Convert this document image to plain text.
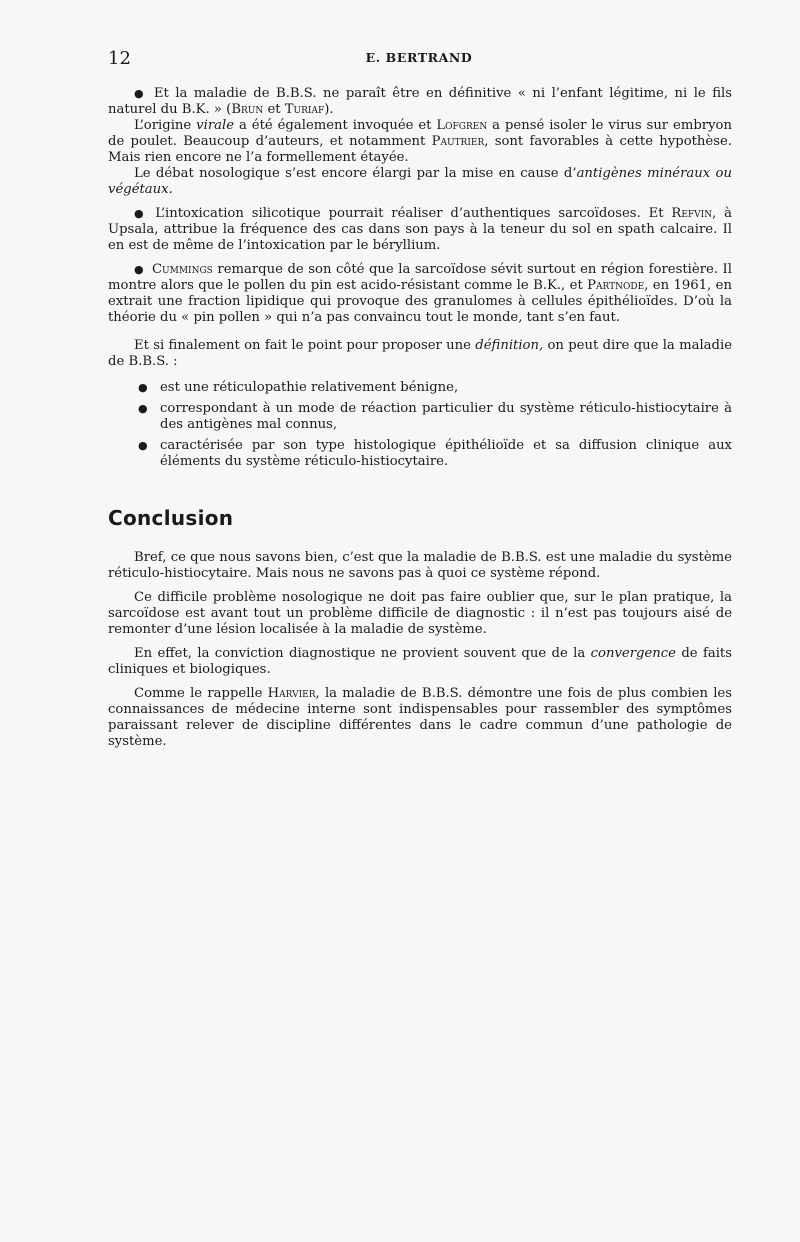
12	E. BERTRAND

● Et la maladie de B.B.S. ne paraît être en définitive « ni l’enfant légitime, ni le fils naturel du B.K. » (Brun et Turiaf).

L’origine virale a été également invoquée et Lofgren a pensé isoler le virus sur embryon de poulet. Beaucoup d’auteurs, et notamment Pautrier, sont favorables à cette hypothèse. Mais rien encore ne l’a formellement étayée.

Le débat nosologique s’est encore élargi par la mise en cause d’antigènes minéraux ou végétaux.

● L’intoxication silicotique pourrait réaliser d’authentiques sarcoïdoses. Et Refvin, à Upsala, attribue la fréquence des cas dans son pays à la teneur du sol en spath calcaire. Il en est de même de l’intoxication par le béryllium.

● Cummings remarque de son côté que la sarcoïdose sévit surtout en région forestière. Il montre alors que le pollen du pin est acido-résistant comme le B.K., et Partnode, en 1961, en extrait une fraction lipidique qui provoque des granulomes à cellules épithélioïdes. D’où la théorie du « pin pollen » qui n’a pas convaincu tout le monde, tant s’en faut.

Et si finalement on fait le point pour proposer une définition, on peut dire que la maladie de B.B.S. :

● est une réticulopathie relativement bénigne,
● correspondant à un mode de réaction particulier du système réticulo-histiocytaire à des antigènes mal connus,
● caractérisée par son type histologique épithélioïde et sa diffusion clinique aux éléments du système réticulo-histiocytaire.
Conclusion

Bref, ce que nous savons bien, c’est que la maladie de B.B.S. est une maladie du système réticulo-histiocytaire. Mais nous ne savons pas à quoi ce système répond.

Ce difficile problème nosologique ne doit pas faire oublier que, sur le plan pratique, la sarcoïdose est avant tout un problème difficile de diagnostic : il n’est pas toujours aisé de remonter d’une lésion localisée à la maladie de système.

En effet, la conviction diagnostique ne provient souvent que de la convergence de faits cliniques et biologiques.

Comme le rappelle Harvier, la maladie de B.B.S. démontre une fois de plus combien les connaissances de médecine interne sont indispensables pour rassembler des symptômes paraissant relever de discipline différentes dans le cadre commun d’une pathologie de système.
